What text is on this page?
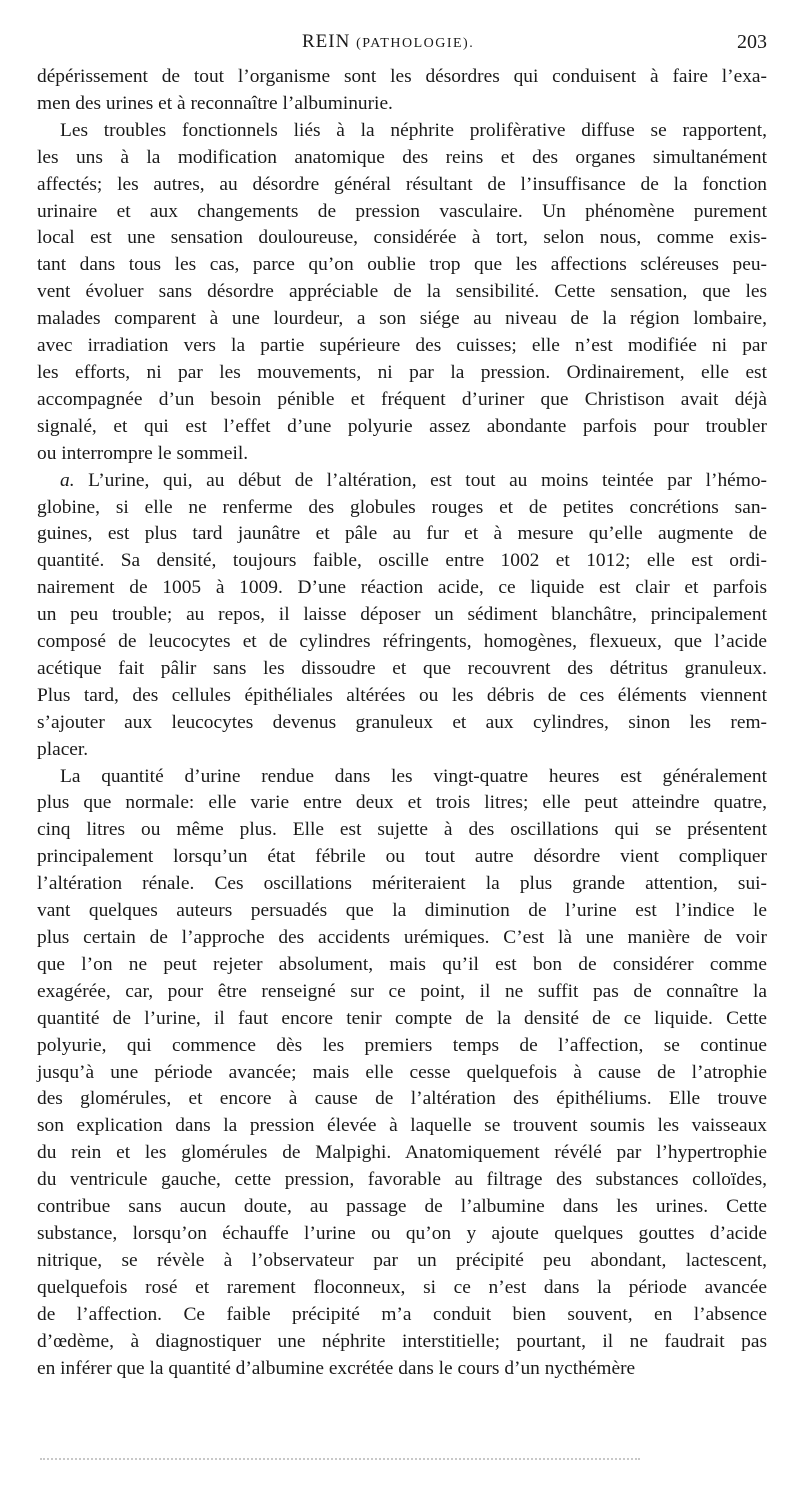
REIN (PATHOLOGIE).	203
dépérissement de tout l’organisme sont les désordres qui conduisent à faire l’exa-
men des urines et à reconnaître l’albuminurie.
Les troubles fonctionnels liés à la néphrite prolifèrative diffuse se rapportent,
les uns à la modification anatomique des reins et des organes simultanément
affectés; les autres, au désordre général résultant de l’insuffisance de la fonction
urinaire et aux changements de pression vasculaire. Un phénomène purement
local est une sensation douloureuse, considérée à tort, selon nous, comme exis-
tant dans tous les cas, parce qu’on oublie trop que les affections scléreuses peu-
vent évoluer sans désordre appréciable de la sensibilité. Cette sensation, que les
malades comparent à une lourdeur, a son siége au niveau de la région lombaire,
avec irradiation vers la partie supérieure des cuisses; elle n’est modifiée ni par
les efforts, ni par les mouvements, ni par la pression. Ordinairement, elle est
accompagnée d’un besoin pénible et fréquent d’uriner que Christison avait déjà
signalé, et qui est l’effet d’une polyurie assez abondante parfois pour troubler
ou interrompre le sommeil.
a. L’urine, qui, au début de l’altération, est tout au moins teintée par l’hémo-
globine, si elle ne renferme des globules rouges et de petites concrétions san-
guines, est plus tard jaunâtre et pâle au fur et à mesure qu’elle augmente de
quantité. Sa densité, toujours faible, oscille entre 1002 et 1012; elle est ordi-
nairement de 1005 à 1009. D’une réaction acide, ce liquide est clair et parfois
un peu trouble; au repos, il laisse déposer un sédiment blanchâtre, principalement
composé de leucocytes et de cylindres réfringents, homogènes, flexueux, que l’acide
acétique fait pâlir sans les dissoudre et que recouvrent des détritus granuleux.
Plus tard, des cellules épithéliales altérées ou les débris de ces éléments viennent
s’ajouter aux leucocytes devenus granuleux et aux cylindres, sinon les rem-
placer.
La quantité d’urine rendue dans les vingt-quatre heures est généralement
plus que normale: elle varie entre deux et trois litres; elle peut atteindre quatre,
cinq litres ou même plus. Elle est sujette à des oscillations qui se présentent
principalement lorsqu’un état fébrile ou tout autre désordre vient compliquer
l’altération rénale. Ces oscillations mériteraient la plus grande attention, sui-
vant quelques auteurs persuadés que la diminution de l’urine est l’indice le
plus certain de l’approche des accidents urémiques. C’est là une manière de voir
que l’on ne peut rejeter absolument, mais qu’il est bon de considérer comme
exagérée, car, pour être renseigné sur ce point, il ne suffit pas de connaître la
quantité de l’urine, il faut encore tenir compte de la densité de ce liquide. Cette
polyurie, qui commence dès les premiers temps de l’affection, se continue
jusqu’à une période avancée; mais elle cesse quelquefois à cause de l’atrophie
des glomérules, et encore à cause de l’altération des épithéliums. Elle trouve
son explication dans la pression élevée à laquelle se trouvent soumis les vaisseaux
du rein et les glomérules de Malpighi. Anatomiquement révélé par l’hypertrophie
du ventricule gauche, cette pression, favorable au filtrage des substances colloïdes,
contribue sans aucun doute, au passage de l’albumine dans les urines. Cette
substance, lorsqu’on échauffe l’urine ou qu’on y ajoute quelques gouttes d’acide
nitrique, se révèle à l’observateur par un précipité peu abondant, lactescent,
quelquefois rosé et rarement floconneux, si ce n’est dans la période avancée
de l’affection. Ce faible précipité m’a conduit bien souvent, en l’absence
d’œdème, à diagnostiquer une néphrite interstitielle; pourtant, il ne faudrait pas
en inférer que la quantité d’albumine excrétée dans le cours d’un nycthémère
